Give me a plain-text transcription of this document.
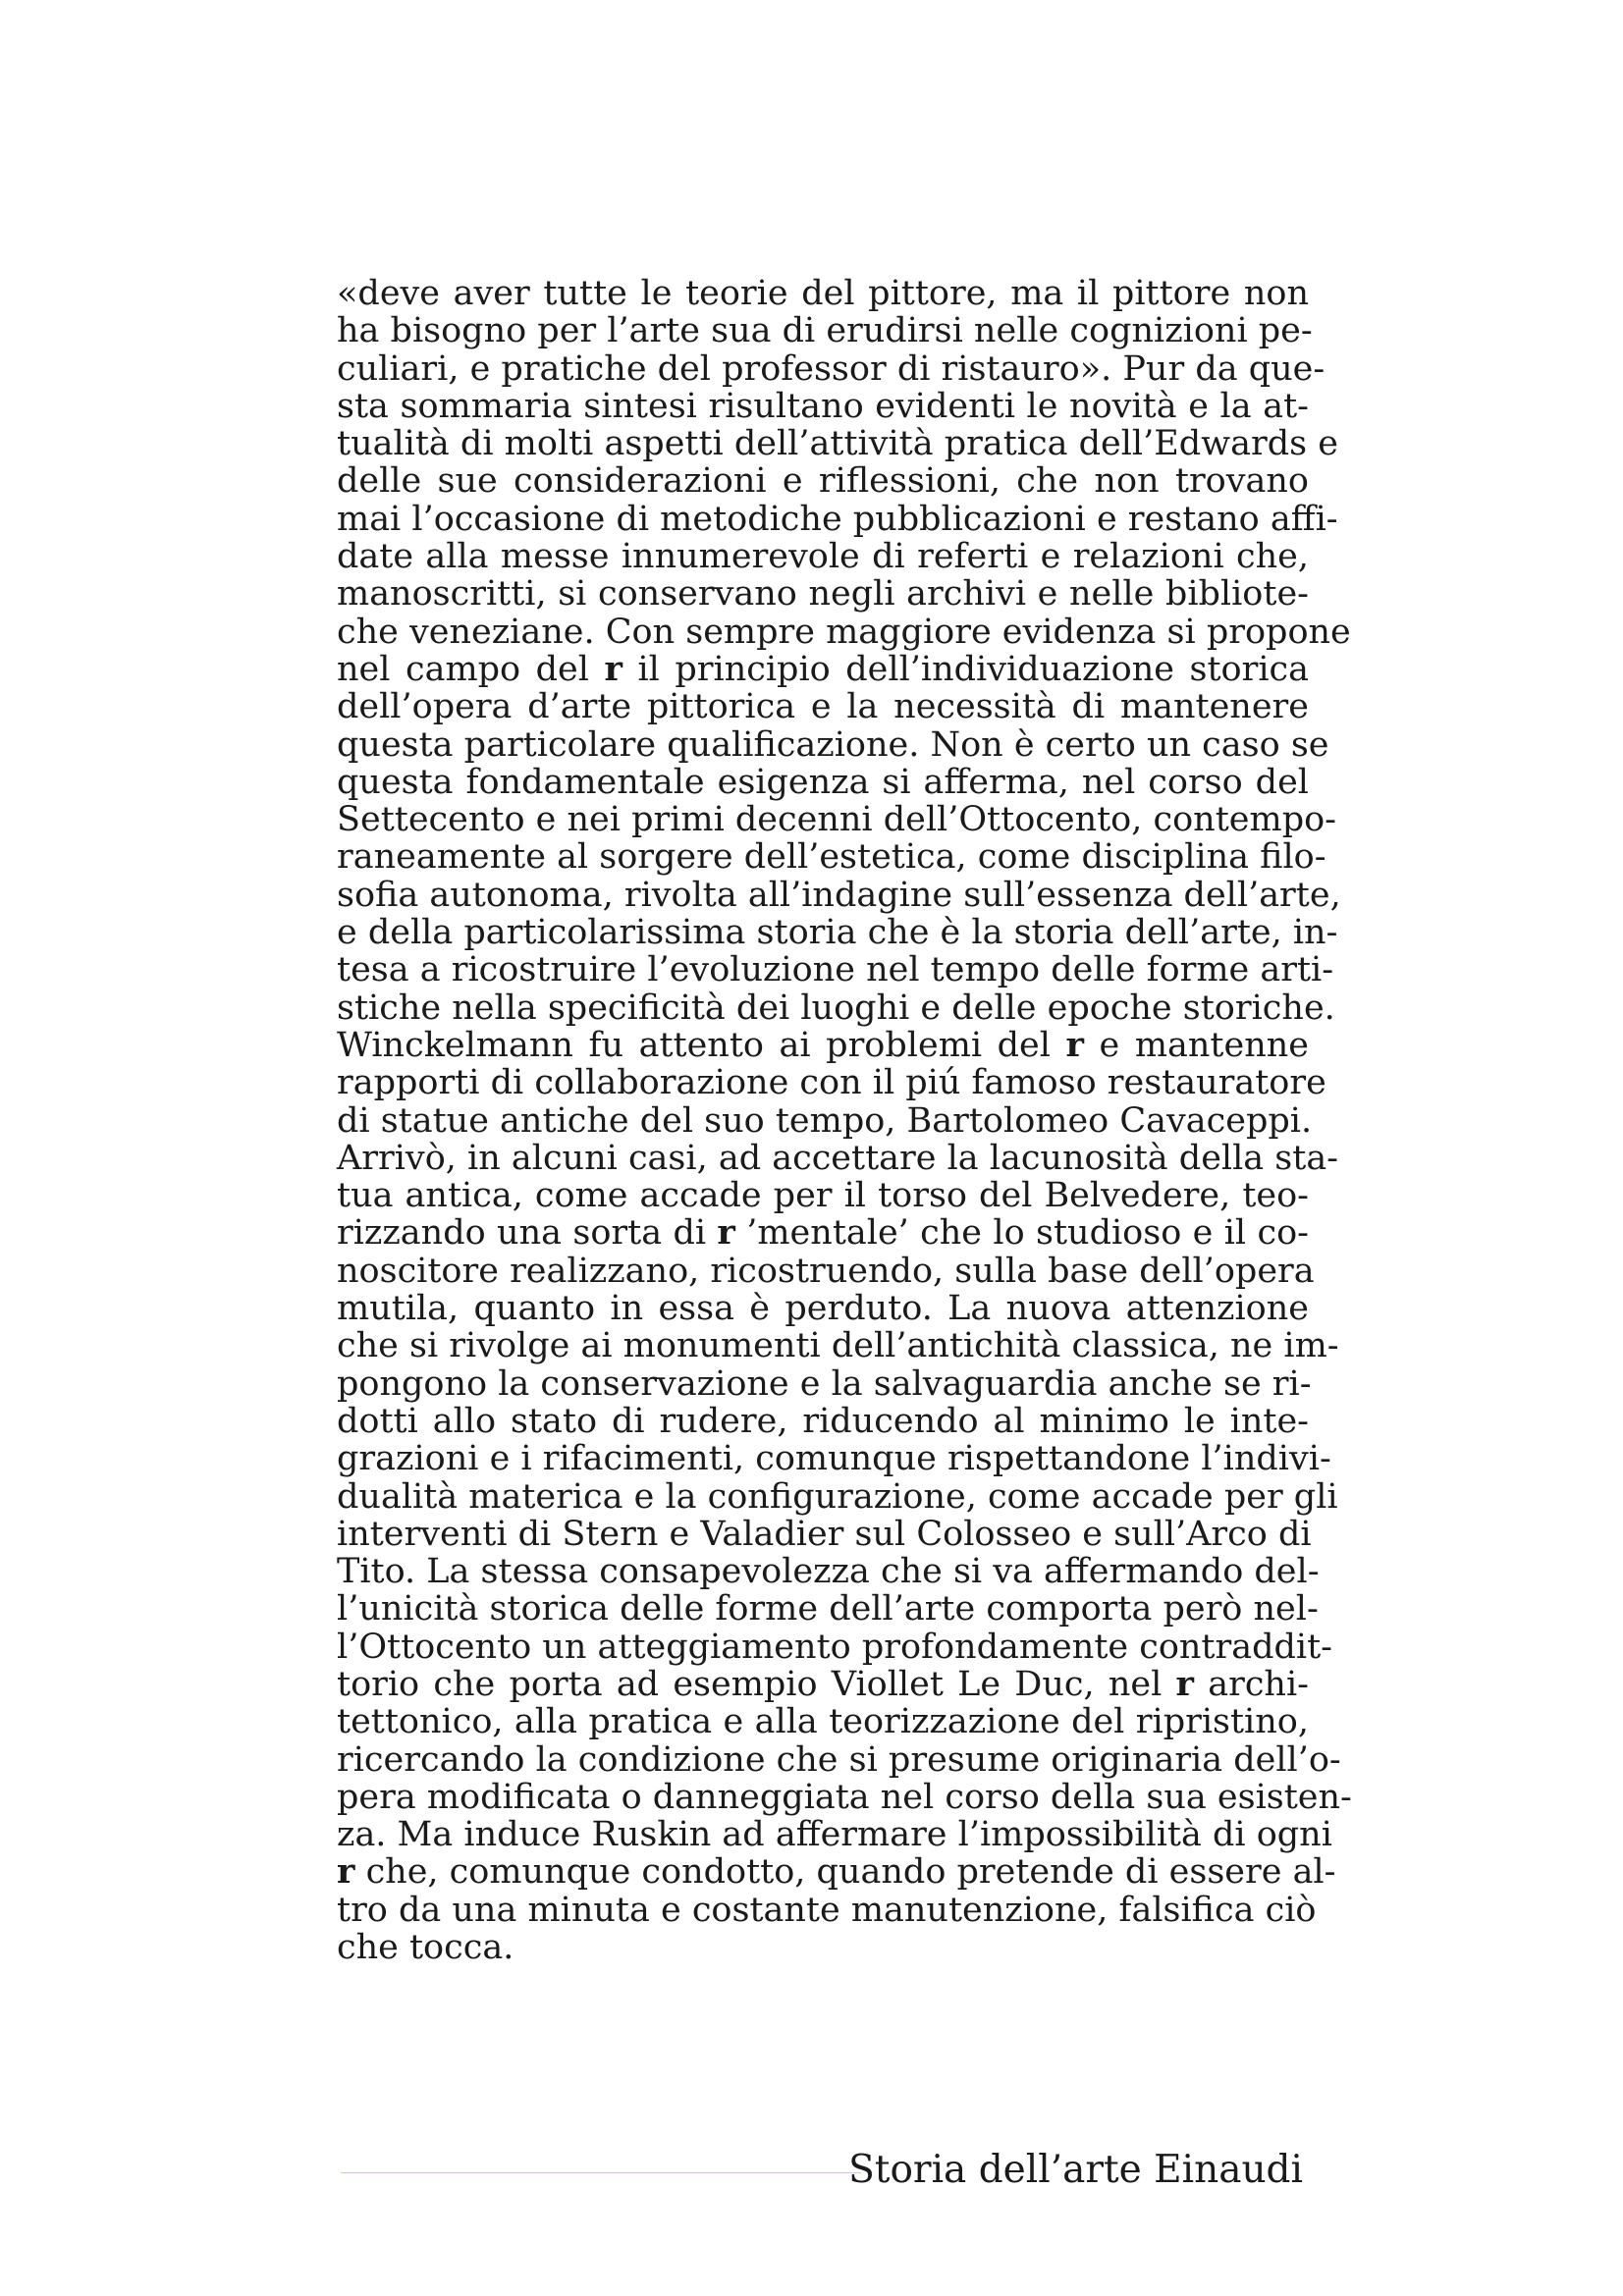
«deve aver tutte le teorie del pittore, ma il pittore non
ha bisogno per l’arte sua di erudirsi nelle cognizioni pe-
culiari, e pratiche del professor di ristauro». Pur da que-
sta sommaria sintesi risultano evidenti le novità e la at-
tualità di molti aspetti dell’attività pratica dell’Edwards e
delle sue considerazioni e riflessioni, che non trovano
mai l’occasione di metodiche pubblicazioni e restano affi-
date alla messe innumerevole di referti e relazioni che,
manoscritti, si conservano negli archivi e nelle bibliote-
che veneziane. Con sempre maggiore evidenza si propone
nel campo del r il principio dell’individuazione storica
dell’opera d’arte pittorica e la necessità di mantenere
questa particolare qualificazione. Non è certo un caso se
questa fondamentale esigenza si afferma, nel corso del
Settecento e nei primi decenni dell’Ottocento, contempo-
raneamente al sorgere dell’estetica, come disciplina filo-
sofia autonoma, rivolta all’indagine sull’essenza dell’arte,
e della particolarissima storia che è la storia dell’arte, in-
tesa a ricostruire l’evoluzione nel tempo delle forme arti-
stiche nella specificità dei luoghi e delle epoche storiche.
Winckelmann fu attento ai problemi del r e mantenne
rapporti di collaborazione con il piú famoso restauratore
di statue antiche del suo tempo, Bartolomeo Cavaceppi.
Arrivò, in alcuni casi, ad accettare la lacunosità della sta-
tua antica, come accade per il torso del Belvedere, teo-
rizzando una sorta di r ’mentale’ che lo studioso e il co-
noscitore realizzano, ricostruendo, sulla base dell’opera
mutila, quanto in essa è perduto. La nuova attenzione
che si rivolge ai monumenti dell’antichità classica, ne im-
pongono la conservazione e la salvaguardia anche se ri-
dotti allo stato di rudere, riducendo al minimo le inte-
grazioni e i rifacimenti, comunque rispettandone l’indivi-
dualità materica e la configurazione, come accade per gli
interventi di Stern e Valadier sul Colosseo e sull’Arco di
Tito. La stessa consapevolezza che si va affermando del-
l’unicità storica delle forme dell’arte comporta però nel-
l’Ottocento un atteggiamento profondamente contraddit-
torio che porta ad esempio Viollet Le Duc, nel r archi-
tettonico, alla pratica e alla teorizzazione del ripristino,
ricercando la condizione che si presume originaria dell’o-
pera modificata o danneggiata nel corso della sua esisten-
za. Ma induce Ruskin ad affermare l’impossibilità di ogni
r che, comunque condotto, quando pretende di essere al-
tro da una minuta e costante manutenzione, falsifica ciò
che tocca.
Storia dell’arte Einaudi
